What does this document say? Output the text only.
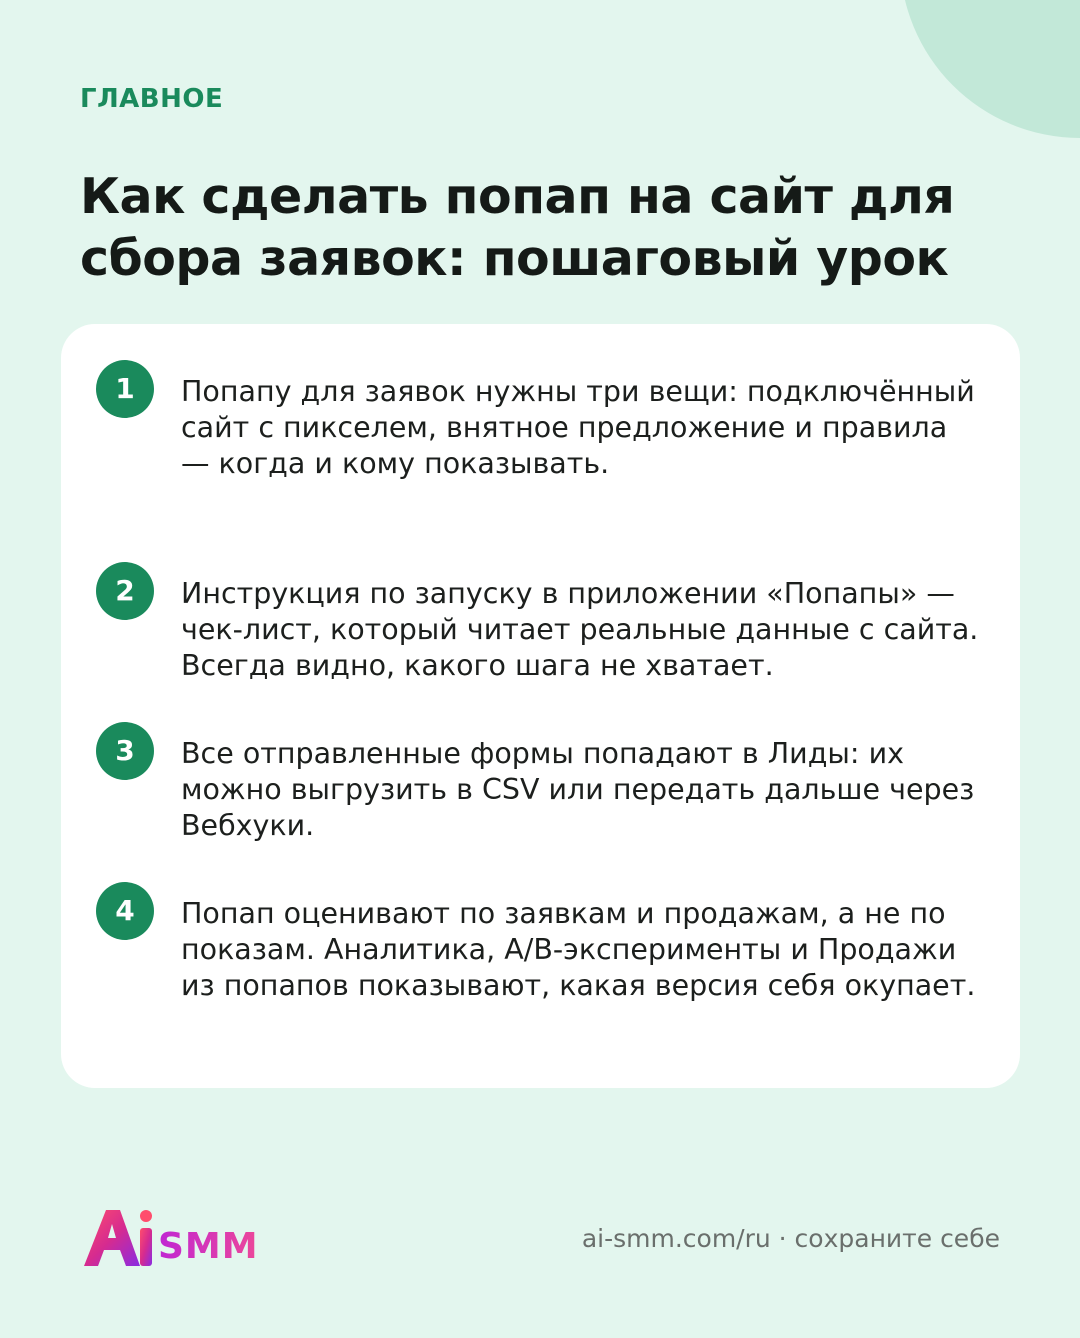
ГЛАВНОЕ
Как сделать попап на сайт для сбора заявок: пошаговый урок
1	Попапу для заявок нужны три вещи: подключённый сайт с пикселем, внятное предложение и правила — когда и кому показывать.
2	Инструкция по запуску в приложении «Попапы» — чек-лист, который читает реальные данные с сайта. Всегда видно, какого шага не хватает.
3	Все отправленные формы попадают в Лиды: их можно выгрузить в CSV или передать дальше через Вебхуки.
4	Попап оценивают по заявкам и продажам, а не по показам. Аналитика, A/B-эксперименты и Продажи из попапов показывают, какая версия себя окупает.
SMM	ai-smm.com/ru · сохраните себе
